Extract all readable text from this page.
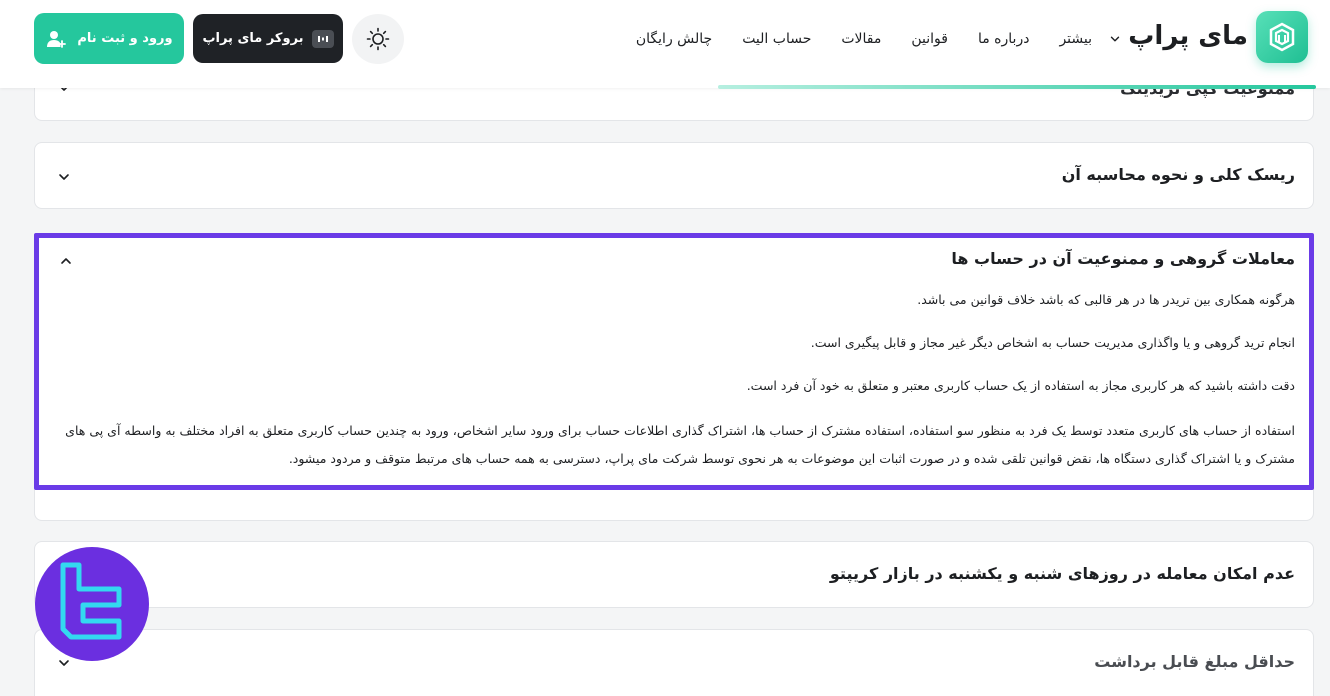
مای پراپ
چالش رایگان حساب الیت مقالات قوانین درباره ما بیشتر
بروکر مای پراپ
ورود و ثبت نام
ریسک کلی و نحوه محاسبه آن
معاملات گروهی و ممنوعیت آن در حساب ها
هرگونه همکاری بین تریدر ها در هر قالبی که باشد خلاف قوانین می باشد.
انجام ترید گروهی و یا واگذاری مدیریت حساب به اشخاص دیگر غیر مجاز و قابل پیگیری است.
دقت داشته باشید که هر کاربری مجاز به استفاده از یک حساب کاربری معتبر و متعلق به خود آن فرد است.
استفاده از حساب های کاربری متعدد توسط یک فرد به منظور سو استفاده، استفاده مشترک از حساب ها، اشتراک گذاری اطلاعات حساب برای ورود سایر اشخاص، ورود به چندین حساب کاربری متعلق به افراد مختلف به واسطه آی پی های مشترک و یا اشتراک گذاری دستگاه ها، نقض قوانین تلقی شده و در صورت اثبات این موضوعات به هر نحوی توسط شرکت مای پراپ، دسترسی به همه حساب های مرتبط متوقف و مردود میشود.
عدم امکان معامله در روزهای شنبه و یکشنبه در بازار کریپتو
حداقل مبلغ قابل برداشت
